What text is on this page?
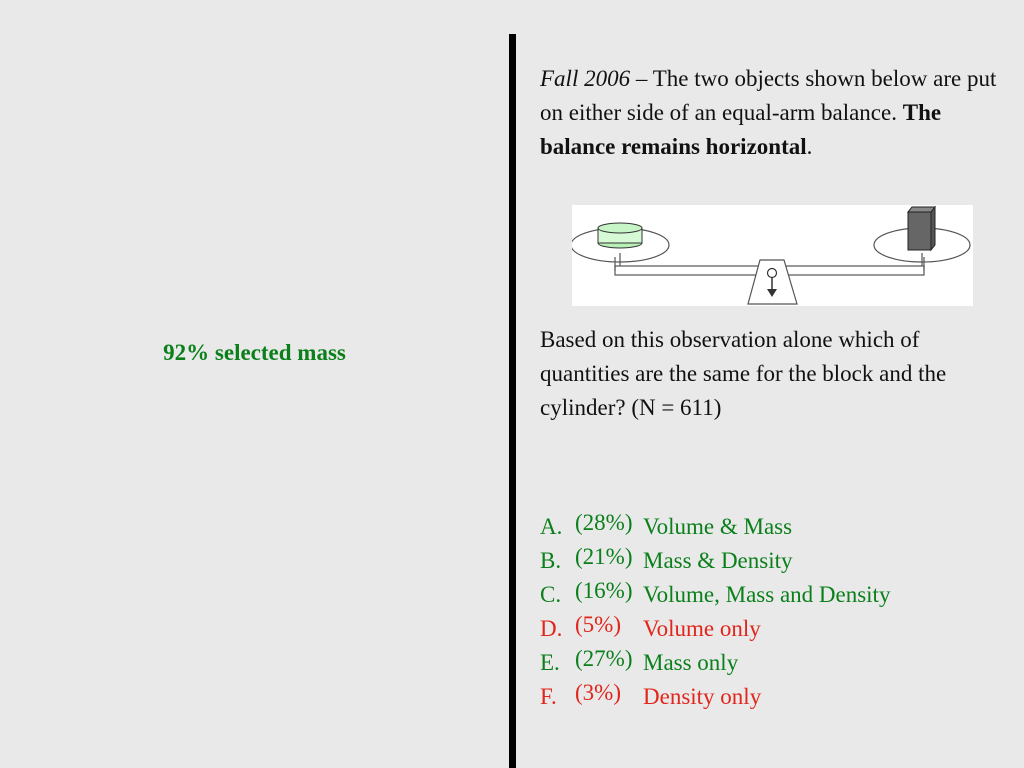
92% selected mass
Fall 2006 – The two objects shown below are put on either side of an equal-arm balance. The balance remains horizontal.
Based on this observation alone which of quantities are the same for the block and the cylinder? (N = 611)
A. (28%) Volume & Mass
B. (21%) Mass & Density
C. (16%) Volume, Mass and Density
D. (5%) Volume only
E. (27%) Mass only
F. (3%) Density only
